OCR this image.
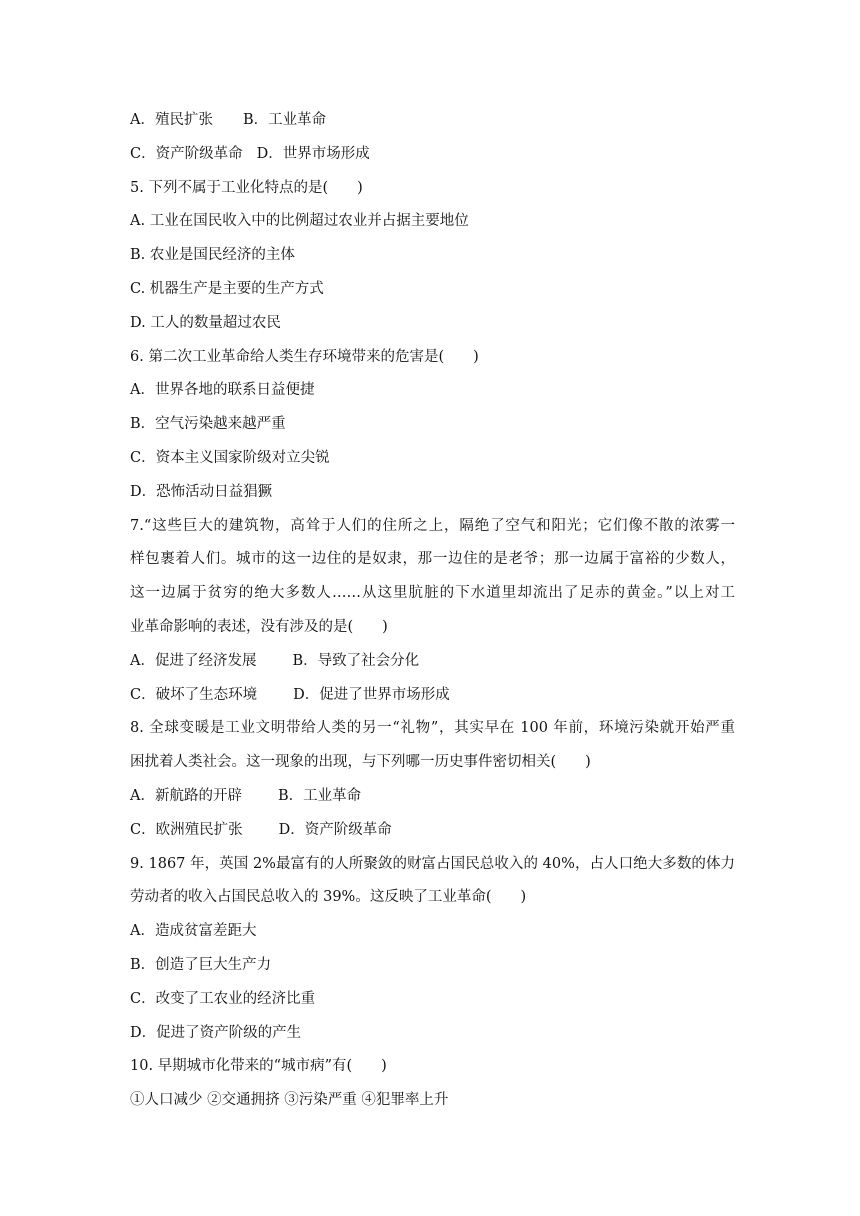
A．殖民扩张 B．工业革命
C．资产阶级革命 D．世界市场形成
5. 下列不属于工业化特点的是(　　)
A. 工业在国民收入中的比例超过农业并占据主要地位
B. 农业是国民经济的主体
C. 机器生产是主要的生产方式
D. 工人的数量超过农民
6. 第二次工业革命给人类生存环境带来的危害是(　　)
A．世界各地的联系日益便捷
B．空气污染越来越严重
C．资本主义国家阶级对立尖锐
D．恐怖活动日益猖獗
7.“这些巨大的建筑物，高耸于人们的住所之上，隔绝了空气和阳光；它们像不散的浓雾一
样包裹着人们。城市的这一边住的是奴隶，那一边住的是老爷；那一边属于富裕的少数人，
这一边属于贫穷的绝大多数人……从这里肮脏的下水道里却流出了足赤的黄金。”以上对工
业革命影响的表述，没有涉及的是(　　)
A．促进了经济发展 B．导致了社会分化
C．破坏了生态环境 D．促进了世界市场形成
8. 全球变暖是工业文明带给人类的另一“礼物”，其实早在 100 年前，环境污染就开始严重
困扰着人类社会。这一现象的出现，与下列哪一历史事件密切相关(　　)
A．新航路的开辟 B．工业革命
C．欧洲殖民扩张 D．资产阶级革命
9. 1867 年，英国 2%最富有的人所聚敛的财富占国民总收入的 40%，占人口绝大多数的体力
劳动者的收入占国民总收入的 39%。这反映了工业革命(　　)
A．造成贫富差距大
B．创造了巨大生产力
C．改变了工农业的经济比重
D．促进了资产阶级的产生
10. 早期城市化带来的“城市病”有(　　)
①人口减少 ②交通拥挤 ③污染严重 ④犯罪率上升
